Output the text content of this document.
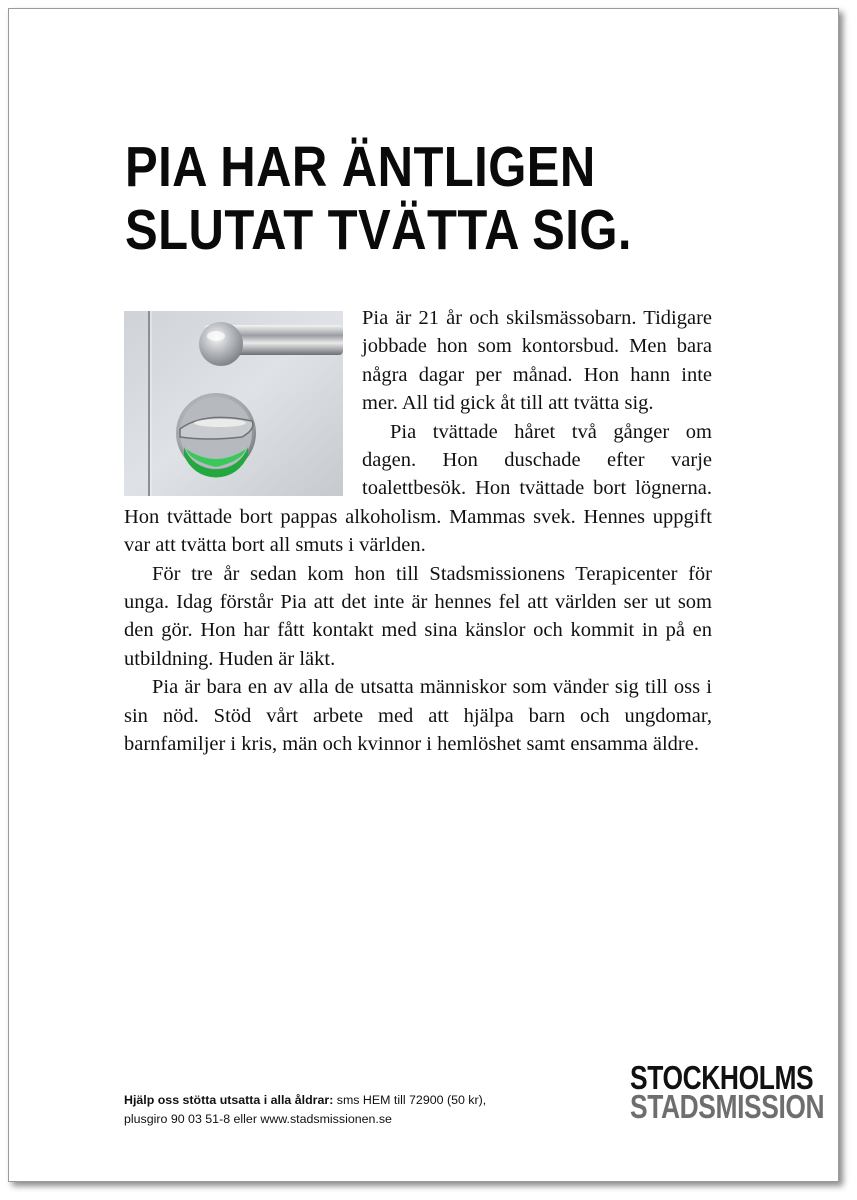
PIA HAR ÄNTLIGEN
SLUTAT TVÄTTA SIG.

Pia är 21 år och skilsmässobarn. Tidigare jobbade hon som kontorsbud. Men bara några dagar per månad. Hon hann inte mer. All tid gick åt till att tvätta sig.

Pia tvättade håret två gånger om dagen. Hon duschade efter varje toalettbesök. Hon tvättade bort lögnerna. Hon tvättade bort pappas alkoholism. Mammas svek. Hennes uppgift var att tvätta bort all smuts i världen.

För tre år sedan kom hon till Stadsmissionens Terapicenter för unga. Idag förstår Pia att det inte är hennes fel att världen ser ut som den gör. Hon har fått kontakt med sina känslor och kommit in på en utbildning. Huden är läkt.

Pia är bara en av alla de utsatta människor som vänder sig till oss i sin nöd. Stöd vårt arbete med att hjälpa barn och ungdomar, barnfamiljer i kris, män och kvinnor i hemlöshet samt ensamma äldre.

Hjälp oss stötta utsatta i alla åldrar: sms HEM till 72900 (50 kr),
plusgiro 90 03 51-8 eller www.stadsmissionen.se
STOCKHOLMS
STADSMISSION
